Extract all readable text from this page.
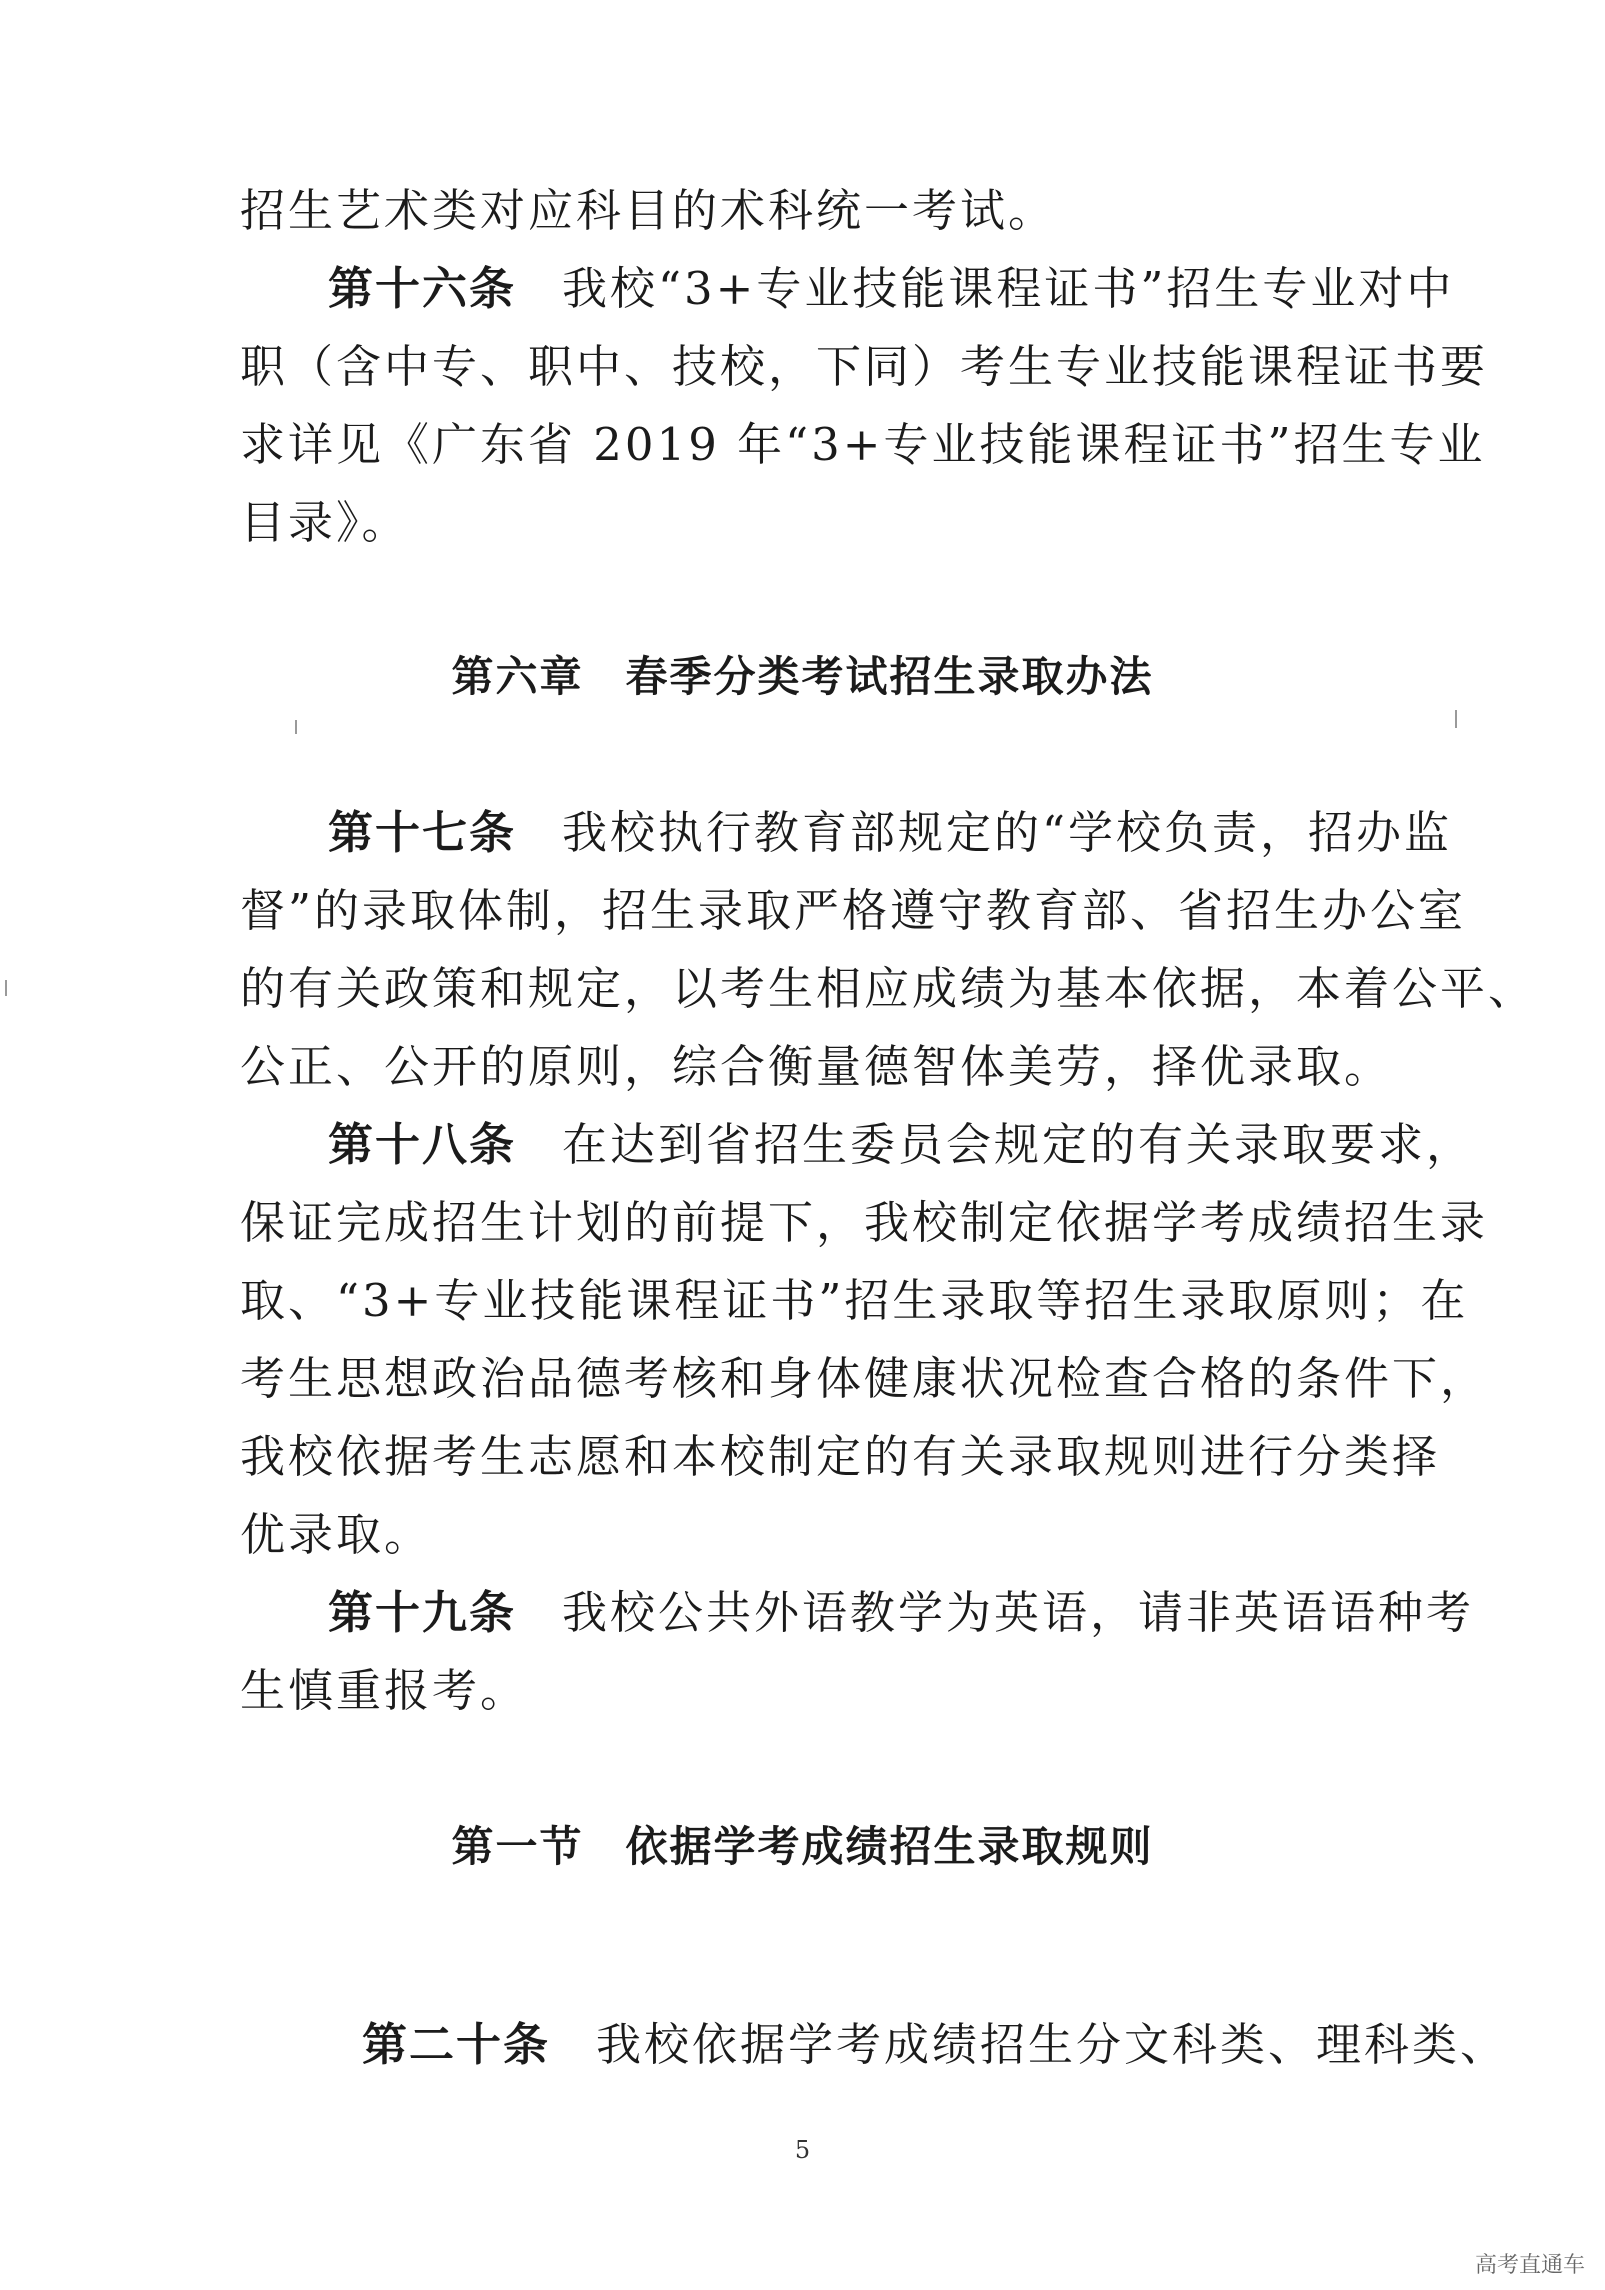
招生艺术类对应科目的术科统一考试。
第十六条 我校“3+专业技能课程证书”招生专业对中
职（含中专、职中、技校，下同）考生专业技能课程证书要
求详见《广东省 2019 年“3+专业技能课程证书”招生专业
目录》。
第六章 春季分类考试招生录取办法
第十七条 我校执行教育部规定的“学校负责，招办监
督”的录取体制，招生录取严格遵守教育部、省招生办公室
的有关政策和规定，以考生相应成绩为基本依据，本着公平、
公正、公开的原则，综合衡量德智体美劳，择优录取。
第十八条 在达到省招生委员会规定的有关录取要求，
保证完成招生计划的前提下，我校制定依据学考成绩招生录
取、“3+专业技能课程证书”招生录取等招生录取原则；在
考生思想政治品德考核和身体健康状况检查合格的条件下，
我校依据考生志愿和本校制定的有关录取规则进行分类择
优录取。
第十九条 我校公共外语教学为英语，请非英语语种考
生慎重报考。
第一节 依据学考成绩招生录取规则
第二十条 我校依据学考成绩招生分文科类、理科类、
5
高考直通车
